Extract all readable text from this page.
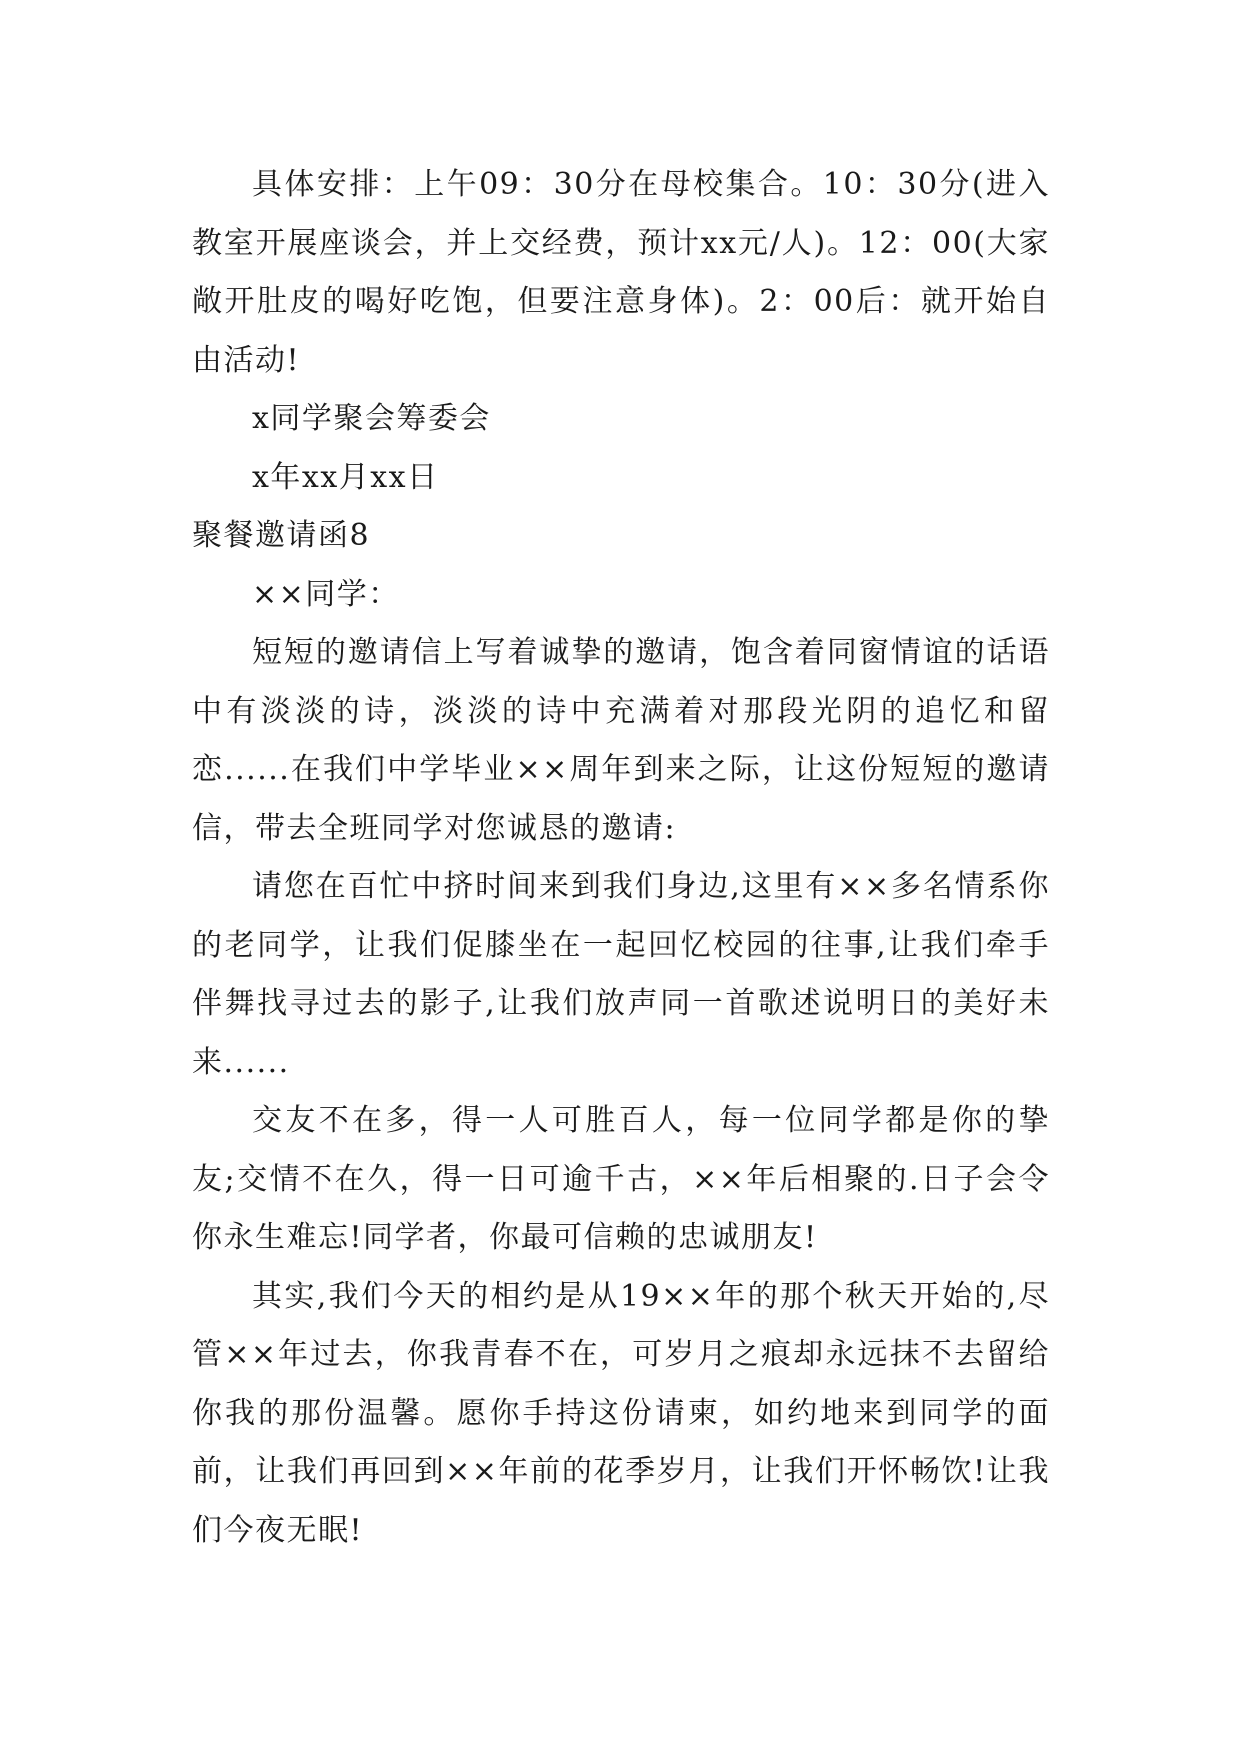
具体安排：上午09：30分在母校集合。10：30分(进入教室开展座谈会，并上交经费，预计xx元/人)。12：00(大家敞开肚皮的喝好吃饱，但要注意身体)。2：00后：就开始自由活动!

x同学聚会筹委会

x年xx月xx日

聚餐邀请函8

××同学：

短短的邀请信上写着诚挚的邀请，饱含着同窗情谊的话语中有淡淡的诗，淡淡的诗中充满着对那段光阴的追忆和留恋......在我们中学毕业××周年到来之际，让这份短短的邀请信，带去全班同学对您诚恳的邀请:

请您在百忙中挤时间来到我们身边,这里有××多名情系你的老同学，让我们促膝坐在一起回忆校园的往事,让我们牵手伴舞找寻过去的影子,让我们放声同一首歌述说明日的美好未来......

交友不在多，得一人可胜百人，每一位同学都是你的挚友;交情不在久，得一日可逾千古，××年后相聚的.日子会令你永生难忘!同学者，你最可信赖的忠诚朋友!

其实,我们今天的相约是从19××年的那个秋天开始的,尽管××年过去，你我青春不在，可岁月之痕却永远抹不去留给你我的那份温馨。愿你手持这份请柬，如约地来到同学的面前，让我们再回到××年前的花季岁月，让我们开怀畅饮!让我们今夜无眠!
